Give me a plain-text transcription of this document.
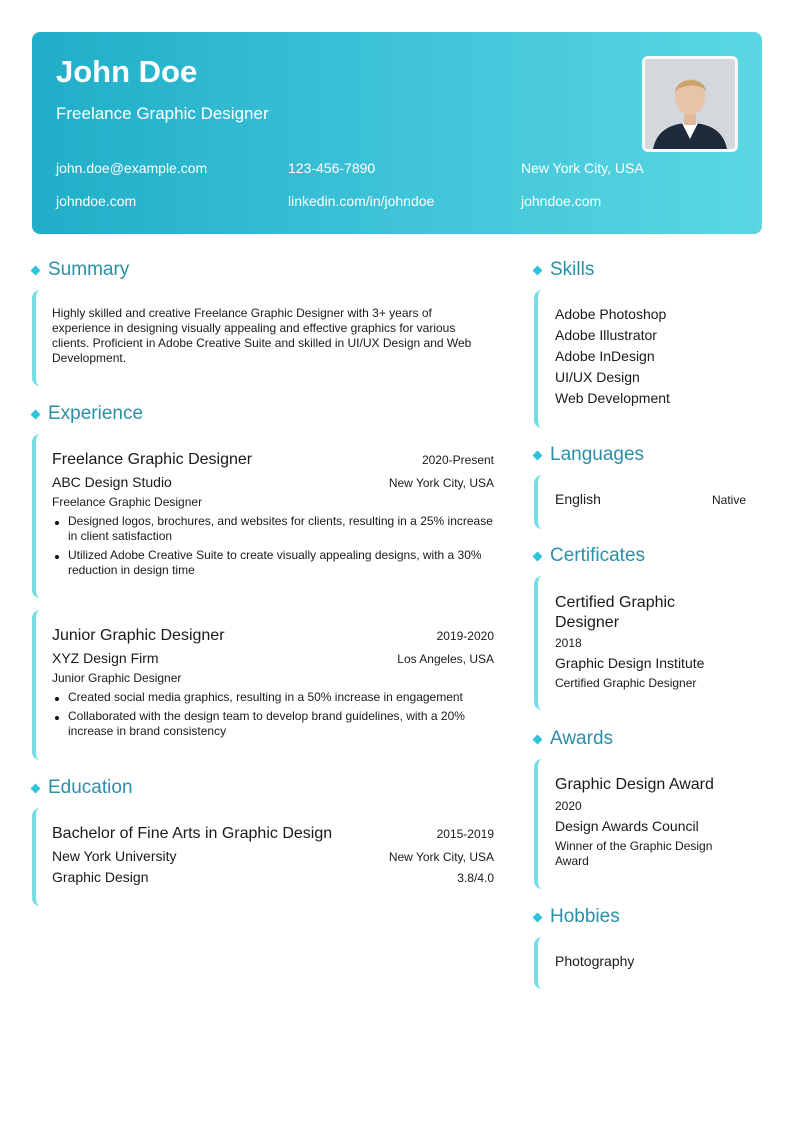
John Doe
Freelance Graphic Designer
john.doe@example.com	123-456-7890	New York City, USA
johndoe.com	linkedin.com/in/johndoe	johndoe.com
Summary
Highly skilled and creative Freelance Graphic Designer with 3+ years of experience in designing visually appealing and effective graphics for various clients. Proficient in Adobe Creative Suite and skilled in UI/UX Design and Web Development.
Experience
Freelance Graphic Designer	2020-Present
ABC Design Studio	New York City, USA
Freelance Graphic Designer
Designed logos, brochures, and websites for clients, resulting in a 25% increase in client satisfaction
Utilized Adobe Creative Suite to create visually appealing designs, with a 30% reduction in design time
Junior Graphic Designer	2019-2020
XYZ Design Firm	Los Angeles, USA
Junior Graphic Designer
Created social media graphics, resulting in a 50% increase in engagement
Collaborated with the design team to develop brand guidelines, with a 20% increase in brand consistency
Education
Bachelor of Fine Arts in Graphic Design	2015-2019
New York University	New York City, USA
Graphic Design	3.8/4.0
Skills
Adobe Photoshop
Adobe Illustrator
Adobe InDesign
UI/UX Design
Web Development
Languages
English	Native
Certificates
Certified Graphic Designer
2018
Graphic Design Institute
Certified Graphic Designer
Awards
Graphic Design Award
2020
Design Awards Council
Winner of the Graphic Design Award
Hobbies
Photography
